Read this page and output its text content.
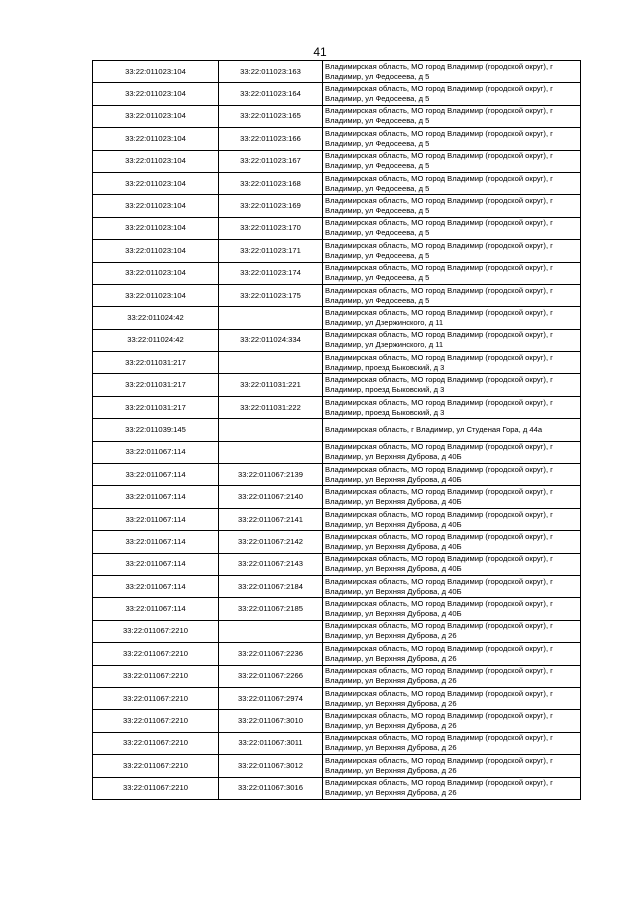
41
33:22:011023:104	33:22:011023:163	Владимирская область, МО город Владимир (городской округ), г Владимир, ул Федосеева, д 5
33:22:011023:104	33:22:011023:164	Владимирская область, МО город Владимир (городской округ), г Владимир, ул Федосеева, д 5
33:22:011023:104	33:22:011023:165	Владимирская область, МО город Владимир (городской округ), г Владимир, ул Федосеева, д 5
33:22:011023:104	33:22:011023:166	Владимирская область, МО город Владимир (городской округ), г Владимир, ул Федосеева, д 5
33:22:011023:104	33:22:011023:167	Владимирская область, МО город Владимир (городской округ), г Владимир, ул Федосеева, д 5
33:22:011023:104	33:22:011023:168	Владимирская область, МО город Владимир (городской округ), г Владимир, ул Федосеева, д 5
33:22:011023:104	33:22:011023:169	Владимирская область, МО город Владимир (городской округ), г Владимир, ул Федосеева, д 5
33:22:011023:104	33:22:011023:170	Владимирская область, МО город Владимир (городской округ), г Владимир, ул Федосеева, д 5
33:22:011023:104	33:22:011023:171	Владимирская область, МО город Владимир (городской округ), г Владимир, ул Федосеева, д 5
33:22:011023:104	33:22:011023:174	Владимирская область, МО город Владимир (городской округ), г Владимир, ул Федосеева, д 5
33:22:011023:104	33:22:011023:175	Владимирская область, МО город Владимир (городской округ), г Владимир, ул Федосеева, д 5
33:22:011024:42		Владимирская область, МО город Владимир (городской округ), г Владимир, ул Дзержинского, д 11
33:22:011024:42	33:22:011024:334	Владимирская область, МО город Владимир (городской округ), г Владимир, ул Дзержинского, д 11
33:22:011031:217		Владимирская область, МО город Владимир (городской округ), г Владимир, проезд Быковский, д 3
33:22:011031:217	33:22:011031:221	Владимирская область, МО город Владимир (городской округ), г Владимир, проезд Быковский, д 3
33:22:011031:217	33:22:011031:222	Владимирская область, МО город Владимир (городской округ), г Владимир, проезд Быковский, д 3
33:22:011039:145		Владимирская область, г Владимир, ул Студеная Гора, д 44а
33:22:011067:114		Владимирская область, МО город Владимир (городской округ), г Владимир, ул Верхняя Дуброва, д 40Б
33:22:011067:114	33:22:011067:2139	Владимирская область, МО город Владимир (городской округ), г Владимир, ул Верхняя Дуброва, д 40Б
33:22:011067:114	33:22:011067:2140	Владимирская область, МО город Владимир (городской округ), г Владимир, ул Верхняя Дуброва, д 40Б
33:22:011067:114	33:22:011067:2141	Владимирская область, МО город Владимир (городской округ), г Владимир, ул Верхняя Дуброва, д 40Б
33:22:011067:114	33:22:011067:2142	Владимирская область, МО город Владимир (городской округ), г Владимир, ул Верхняя Дуброва, д 40Б
33:22:011067:114	33:22:011067:2143	Владимирская область, МО город Владимир (городской округ), г Владимир, ул Верхняя Дуброва, д 40Б
33:22:011067:114	33:22:011067:2184	Владимирская область, МО город Владимир (городской округ), г Владимир, ул Верхняя Дуброва, д 40Б
33:22:011067:114	33:22:011067:2185	Владимирская область, МО город Владимир (городской округ), г Владимир, ул Верхняя Дуброва, д 40Б
33:22:011067:2210		Владимирская область, МО город Владимир (городской округ), г Владимир, ул Верхняя Дуброва, д 26
33:22:011067:2210	33:22:011067:2236	Владимирская область, МО город Владимир (городской округ), г Владимир, ул Верхняя Дуброва, д 26
33:22:011067:2210	33:22:011067:2266	Владимирская область, МО город Владимир (городской округ), г Владимир, ул Верхняя Дуброва, д 26
33:22:011067:2210	33:22:011067:2974	Владимирская область, МО город Владимир (городской округ), г Владимир, ул Верхняя Дуброва, д 26
33:22:011067:2210	33:22:011067:3010	Владимирская область, МО город Владимир (городской округ), г Владимир, ул Верхняя Дуброва, д 26
33:22:011067:2210	33:22:011067:3011	Владимирская область, МО город Владимир (городской округ), г Владимир, ул Верхняя Дуброва, д 26
33:22:011067:2210	33:22:011067:3012	Владимирская область, МО город Владимир (городской округ), г Владимир, ул Верхняя Дуброва, д 26
33:22:011067:2210	33:22:011067:3016	Владимирская область, МО город Владимир (городской округ), г Владимир, ул Верхняя Дуброва, д 26
